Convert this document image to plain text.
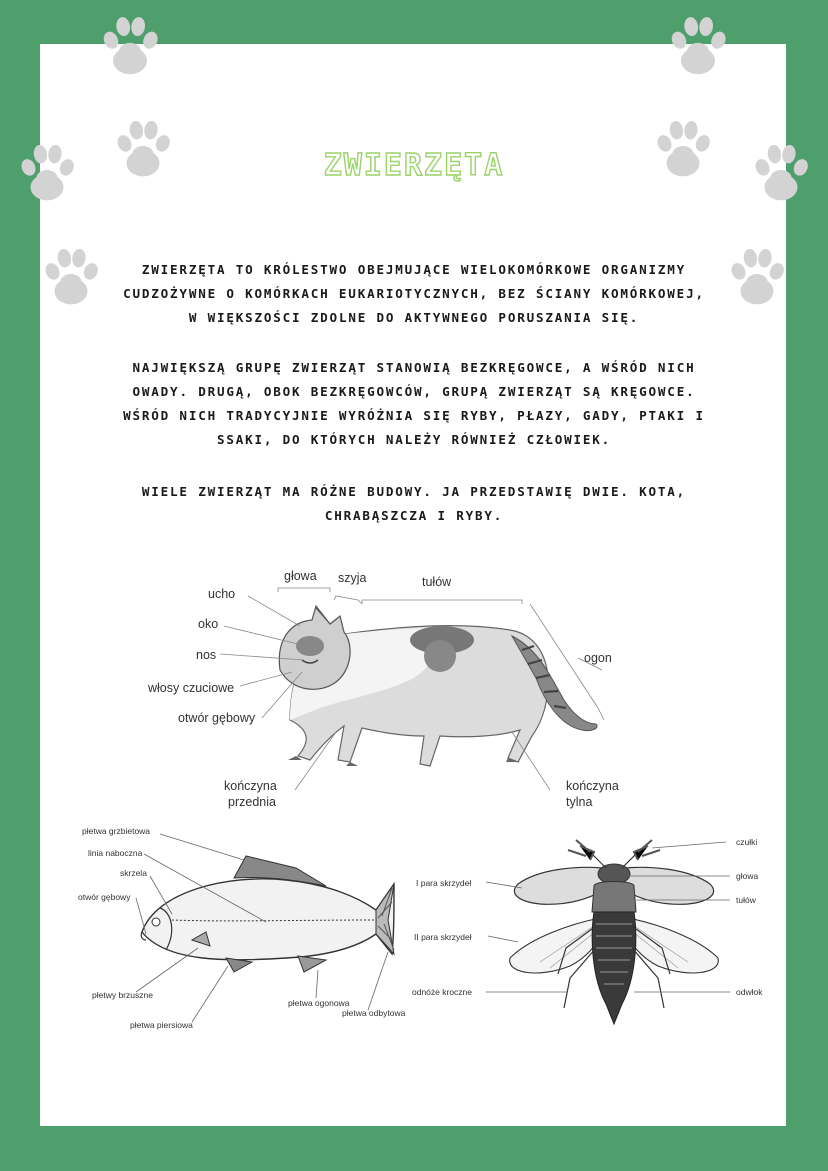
ZWIERZĘTA

ZWIERZĘTA TO KRÓLESTWO OBEJMUJĄCE WIELOKOMÓRKOWE ORGANIZMY
CUDZOŻYWNE O KOMÓRKACH EUKARIOTYCZNYCH, BEZ ŚCIANY KOMÓRKOWEJ,
W WIĘKSZOŚCI ZDOLNE DO AKTYWNEGO PORUSZANIA SIĘ.

NAJWIĘKSZĄ GRUPĘ ZWIERZĄT STANOWIĄ BEZKRĘGOWCE, A WŚRÓD NICH
OWADY. DRUGĄ, OBOK BEZKRĘGOWCÓW, GRUPĄ ZWIERZĄT SĄ KRĘGOWCE.
WŚRÓD NICH TRADYCYJNIE WYRÓŻNIA SIĘ RYBY, PŁAZY, GADY, PTAKI I
SSAKI, DO KTÓRYCH NALEŻY RÓWNIEŻ CZŁOWIEK.

WIELE ZWIERZĄT MA RÓŻNE BUDOWY. JA PRZEDSTAWIĘ DWIE. KOTA,
CHRABĄSZCZA I RYBY.

głowa szyja	tułów
ucho
oko
nos
włosy czuciowe
otwór gębowy
ogon
kończyna
przednia
kończyna
tylna
płetwa grzbietowa
linia naboczna
skrzela
otwór gębowy
płetwy brzuszne
płetwa piersiowa
płetwa ogonowa
płetwa odbytowa
I para skrzydeł
II para skrzydeł
odnóże kroczne
czułki
głowa
tułów
odwłok
